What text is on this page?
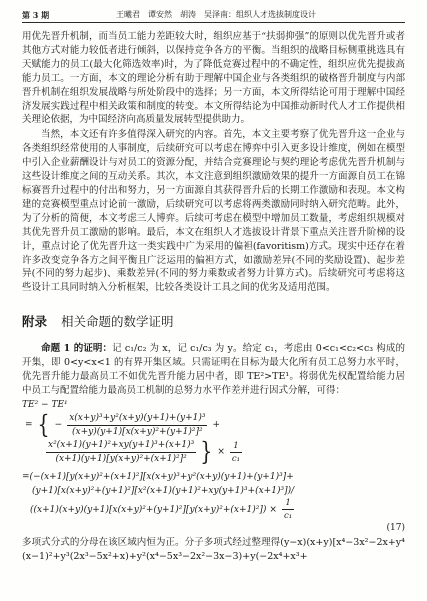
第 3 期	王曦君　谭安然　胡涛　吴泽南：组织人才选拔制度设计

用优先晋升机制，而当员工能力差距较大时，组织应基于“扶弱抑强”的原则以优先晋升或者其他方式对能力较低者进行倾斜，以保持竞争各方的平衡。当组织的战略目标侧重挑选具有天赋能力的员工(最大化筛选效率)时，为了降低竞赛过程中的不确定性，组织应优先提拔高能力员工。一方面，本文的理论分析有助于理解中国企业与各类组织的破格晋升制度与内部晋升机制在组织发展战略与所处阶段中的选择；另一方面，本文所得结论可用于理解中国经济发展实践过程中相关政策和制度的转变。本文所得结论为中国推动新时代人才工作提供相关理论依据，为中国经济向高质量发展转型提供助力。

当然，本文还有许多值得深入研究的内容。首先，本文主要考察了优先晋升这一企业与各类组织经常使用的人事制度，后续研究可以考虑在博弈中引入更多设计维度，例如在模型中引入企业薪酬设计与对员工的资源分配，并结合竞赛理论与契约理论考虑优先晋升机制与这些设计维度之间的互动关系。其次，本文注意到组织激励效果的提升一方面源自员工在锦标赛晋升过程中的付出和努力，另一方面源自其获得晋升后的长期工作激励和表现。本文构建的竞赛模型重点讨论前一激励，后续研究可以考虑将两类激励同时纳入研究范畴。此外，为了分析的简便，本文考虑三人博弈。后续可考虑在模型中增加员工数量，考虑组织规模对其优先晋升员工激励的影响。最后，本文在组织人才选拔设计背景下重点关注晋升阶梯的设计，重点讨论了优先晋升这一类实践中广为采用的偏袒(favoritism)方式。现实中还存在着许多改变竞争各方之间平衡且广泛运用的偏袒方式，如激励差异(不同的奖励设置)、起步差异(不同的努力起步)、乘数差异(不同的努力乘数或者努力计算方式)。后续研究可考虑将这些设计工具同时纳入分析框架，比较各类设计工具之间的优劣及适用范围。

附录 相关命题的数学证明

命题 1 的证明：记 c₁/c₂ 为 x，记 c₁/c₃ 为 y。给定 c₁，考虑由 0<c₁<c₂<c₃ 构成的开集，即 0<y<x<1 的有界开集区域。只需证明在目标为最大化所有员工总努力水平时，优先晋升能力最高员工不如优先晋升能力居中者，即 TE²>TE¹。将弱优先权配置给能力居中员工与配置给能力最高员工机制的总努力水平作差并进行因式分解，可得：

TE² − TE¹
= { − $\frac{\text{x(x+y)³+y²(x+y)(y+1)+(y+1)³}}{\text{(x+y)(y+1)[x(x+y)²+(y+1)²]²}}$ +
$\frac{\text{x²(x+1)(y+1)²+xy(y+1)³+(x+1)³}}{\text{(x+1)(y+1)[y(x+y)²+(x+1)²]²}}$ } × $\frac{1}{\text{c₁}}$
=(−(x+1)[y(x+y)²+(x+1)²][x(x+y)³+y²(x+y)(y+1)+(y+1)³]+
(y+1)[x(x+y)²+(y+1)²][x²(x+1)(y+1)²+xy(y+1)³+(x+1)³])/
$((x+1)(x+y)(y+1)[x(x+y)^2+(y+1)^2][y(x+y)^2+(x+1)^2]) \times \frac{1}{\text{c₁}}$
(17)

多项式分式的分母在该区域内恒为正。分子多项式经过整理得(y−x)(x+y)[x⁴−3x²−2x+y⁴(x−1)²+y³(2x³−5x²+x)+y²(x⁴−5x³−2x²−3x−3)+y(−2x⁴+x³+
